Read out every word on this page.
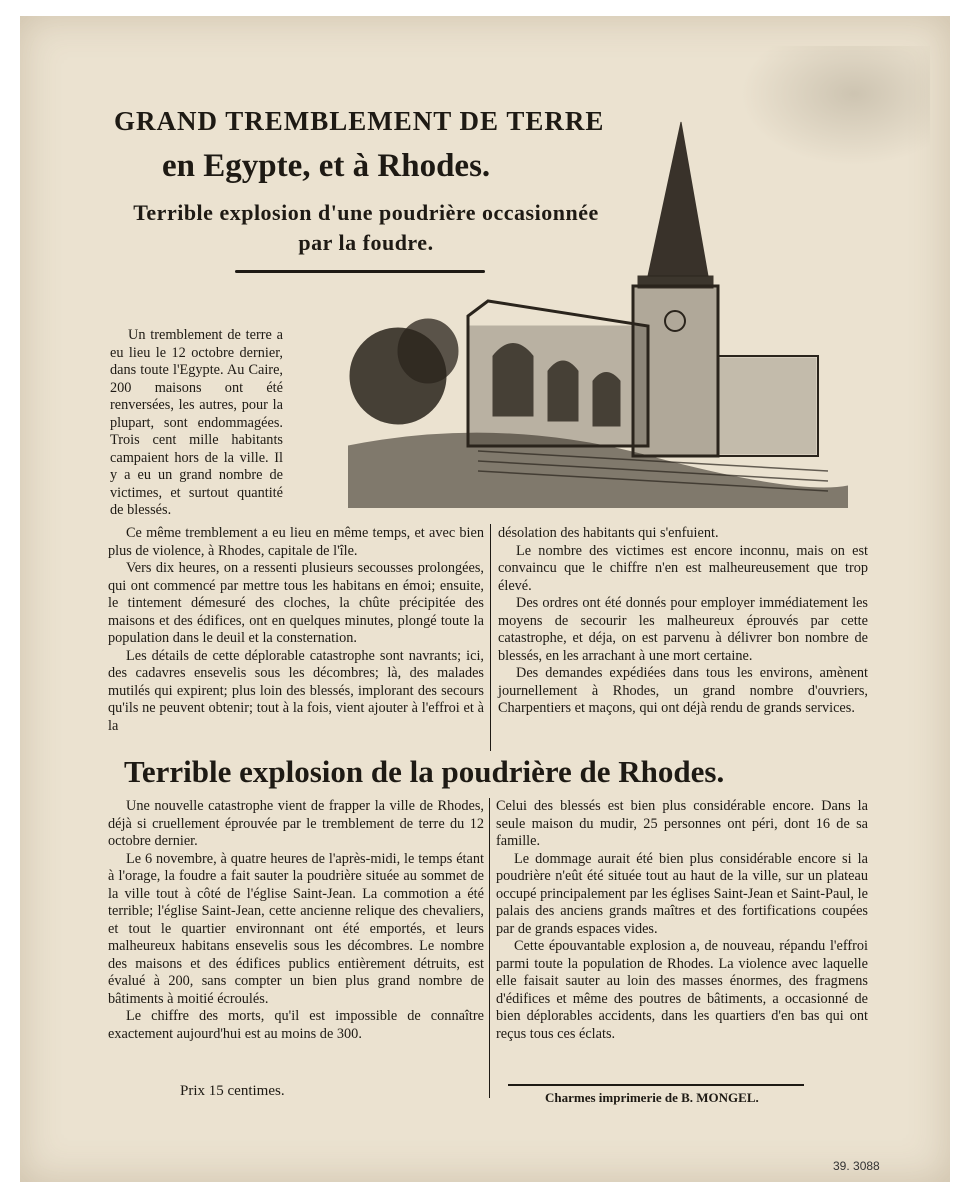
GRAND TREMBLEMENT DE TERRE
en Egypte, et à Rhodes.
Terrible explosion d'une poudrière occasionnée par la foudre.

Un tremblement de terre a eu lieu le 12 octobre dernier, dans toute l'Egypte. Au Caire, 200 maisons ont été renversées, les autres, pour la plupart, sont endommagées. Trois cent mille habitants campaient hors de la ville. Il y a eu un grand nombre de victimes, et surtout quantité de blessés.

Ce même tremblement a eu lieu en même temps, et avec bien plus de violence, à Rhodes, capitale de l'île.

Vers dix heures, on a ressenti plusieurs secousses prolongées, qui ont commencé par mettre tous les habitans en émoi; ensuite, le tintement démesuré des cloches, la chûte précipitée des maisons et des édifices, ont en quelques minutes, plongé toute la population dans le deuil et la consternation.

Les détails de cette déplorable catastrophe sont navrants; ici, des cadavres ensevelis sous les décombres; là, des malades mutilés qui expirent; plus loin des blessés, implorant des secours qu'ils ne peuvent obtenir; tout à la fois, vient ajouter à l'effroi et à la

désolation des habitants qui s'enfuient.

Le nombre des victimes est encore inconnu, mais on est convaincu que le chiffre n'en est malheureusement que trop élevé.

Des ordres ont été donnés pour employer immédiatement les moyens de secourir les malheureux éprouvés par cette catastrophe, et déja, on est parvenu à délivrer bon nombre de blessés, en les arrachant à une mort certaine.

Des demandes expédiées dans tous les environs, amènent journellement à Rhodes, un grand nombre d'ouvriers, Charpentiers et maçons, qui ont déjà rendu de grands services.

Terrible explosion de la poudrière de Rhodes.

Une nouvelle catastrophe vient de frapper la ville de Rhodes, déjà si cruellement éprouvée par le tremblement de terre du 12 octobre dernier.

Le 6 novembre, à quatre heures de l'après-midi, le temps étant à l'orage, la foudre a fait sauter la poudrière située au sommet de la ville tout à côté de l'église Saint-Jean. La commotion a été terrible; l'église Saint-Jean, cette ancienne relique des chevaliers, et tout le quartier environnant ont été emportés, et leurs malheureux habitans ensevelis sous les décombres. Le nombre des maisons et des édifices publics entièrement détruits, est évalué à 200, sans compter un bien plus grand nombre de bâtiments à moitié écroulés.

Le chiffre des morts, qu'il est impossible de connaître exactement aujourd'hui est au moins de 300.

Celui des blessés est bien plus considérable encore. Dans la seule maison du mudir, 25 personnes ont péri, dont 16 de sa famille.

Le dommage aurait été bien plus considérable encore si la poudrière n'eût été située tout au haut de la ville, sur un plateau occupé principalement par les églises Saint-Jean et Saint-Paul, le palais des anciens grands maîtres et des fortifications coupées par de grands espaces vides.

Cette épouvantable explosion a, de nouveau, répandu l'effroi parmi toute la population de Rhodes. La violence avec laquelle elle faisait sauter au loin des masses énormes, des fragmens d'édifices et même des poutres de bâtiments, a occasionné de bien déplorables accidents, dans les quartiers d'en bas qui ont reçus tous ces éclats.

Prix 15 centimes.	Charmes imprimerie de B. MONGEL.
39. 3088
